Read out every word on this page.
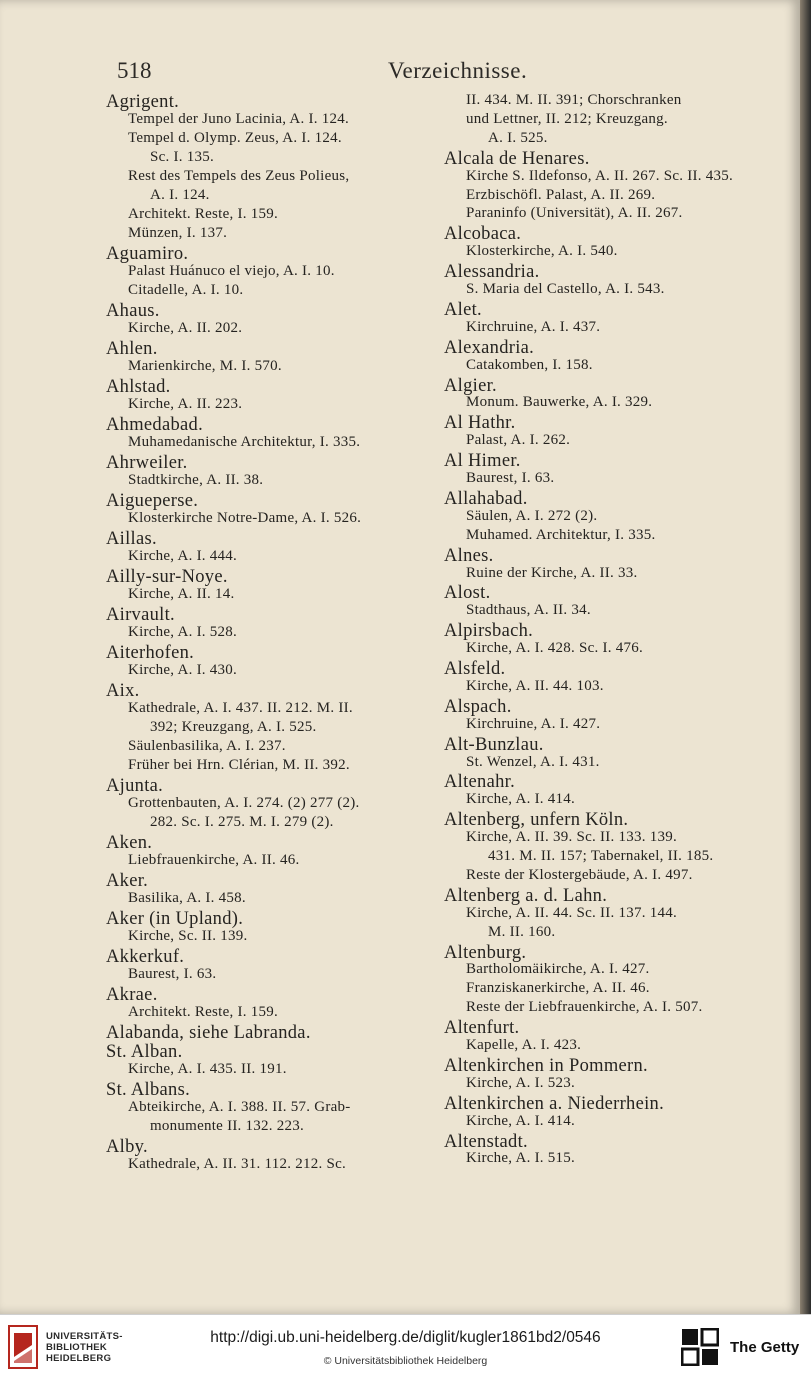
518	Verzeichnisse.
Agrigent.
Tempel der Juno Lacinia, A. I. 124.
Tempel d. Olymp. Zeus, A. I. 124.
Sc. I. 135.
Rest des Tempels des Zeus Polieus,
A. I. 124.
Architekt. Reste, I. 159.
Münzen, I. 137.
Aguamiro.
Palast Huánuco el viejo, A. I. 10.
Citadelle, A. I. 10.
Ahaus.
Kirche, A. II. 202.
Ahlen.
Marienkirche, M. I. 570.
Ahlstad.
Kirche, A. II. 223.
Ahmedabad.
Muhamedanische Architektur, I. 335.
Ahrweiler.
Stadtkirche, A. II. 38.
Aigueperse.
Klosterkirche Notre-Dame, A. I. 526.
Aillas.
Kirche, A. I. 444.
Ailly-sur-Noye.
Kirche, A. II. 14.
Airvault.
Kirche, A. I. 528.
Aiterhofen.
Kirche, A. I. 430.
Aix.
Kathedrale, A. I. 437. II. 212. M. II.
392; Kreuzgang, A. I. 525.
Säulenbasilika, A. I. 237.
Früher bei Hrn. Clérian, M. II. 392.
Ajunta.
Grottenbauten, A. I. 274. (2) 277 (2).
282. Sc. I. 275. M. I. 279 (2).
Aken.
Liebfrauenkirche, A. II. 46.
Aker.
Basilika, A. I. 458.
Aker (in Upland).
Kirche, Sc. II. 139.
Akkerkuf.
Baurest, I. 63.
Akrae.
Architekt. Reste, I. 159.
Alabanda, siehe Labranda.
St. Alban.
Kirche, A. I. 435. II. 191.
St. Albans.
Abteikirche, A. I. 388. II. 57. Grab-
monumente II. 132. 223.
Alby.
Kathedrale, A. II. 31. 112. 212. Sc.
II. 434. M. II. 391; Chorschranken
und Lettner, II. 212; Kreuzgang.
A. I. 525.
Alcala de Henares.
Kirche S. Ildefonso, A. II. 267. Sc. II. 435.
Erzbischöfl. Palast, A. II. 269.
Paraninfo (Universität), A. II. 267.
Alcobaca.
Klosterkirche, A. I. 540.
Alessandria.
S. Maria del Castello, A. I. 543.
Alet.
Kirchruine, A. I. 437.
Alexandria.
Catakomben, I. 158.
Algier.
Monum. Bauwerke, A. I. 329.
Al Hathr.
Palast, A. I. 262.
Al Himer.
Baurest, I. 63.
Allahabad.
Säulen, A. I. 272 (2).
Muhamed. Architektur, I. 335.
Alnes.
Ruine der Kirche, A. II. 33.
Alost.
Stadthaus, A. II. 34.
Alpirsbach.
Kirche, A. I. 428. Sc. I. 476.
Alsfeld.
Kirche, A. II. 44. 103.
Alspach.
Kirchruine, A. I. 427.
Alt-Bunzlau.
St. Wenzel, A. I. 431.
Altenahr.
Kirche, A. I. 414.
Altenberg, unfern Köln.
Kirche, A. II. 39. Sc. II. 133. 139.
431. M. II. 157; Tabernakel, II. 185.
Reste der Klostergebäude, A. I. 497.
Altenberg a. d. Lahn.
Kirche, A. II. 44. Sc. II. 137. 144.
M. II. 160.
Altenburg.
Bartholomäikirche, A. I. 427.
Franziskanerkirche, A. II. 46.
Reste der Liebfrauenkirche, A. I. 507.
Altenfurt.
Kapelle, A. I. 423.
Altenkirchen in Pommern.
Kirche, A. I. 523.
Altenkirchen a. Niederrhein.
Kirche, A. I. 414.
Altenstadt.
Kirche, A. I. 515.
UNIVERSITÄTS-
BIBLIOTHEK
HEIDELBERG
http://digi.ub.uni-heidelberg.de/diglit/kugler1861bd2/0546
© Universitätsbibliothek Heidelberg
The Getty
